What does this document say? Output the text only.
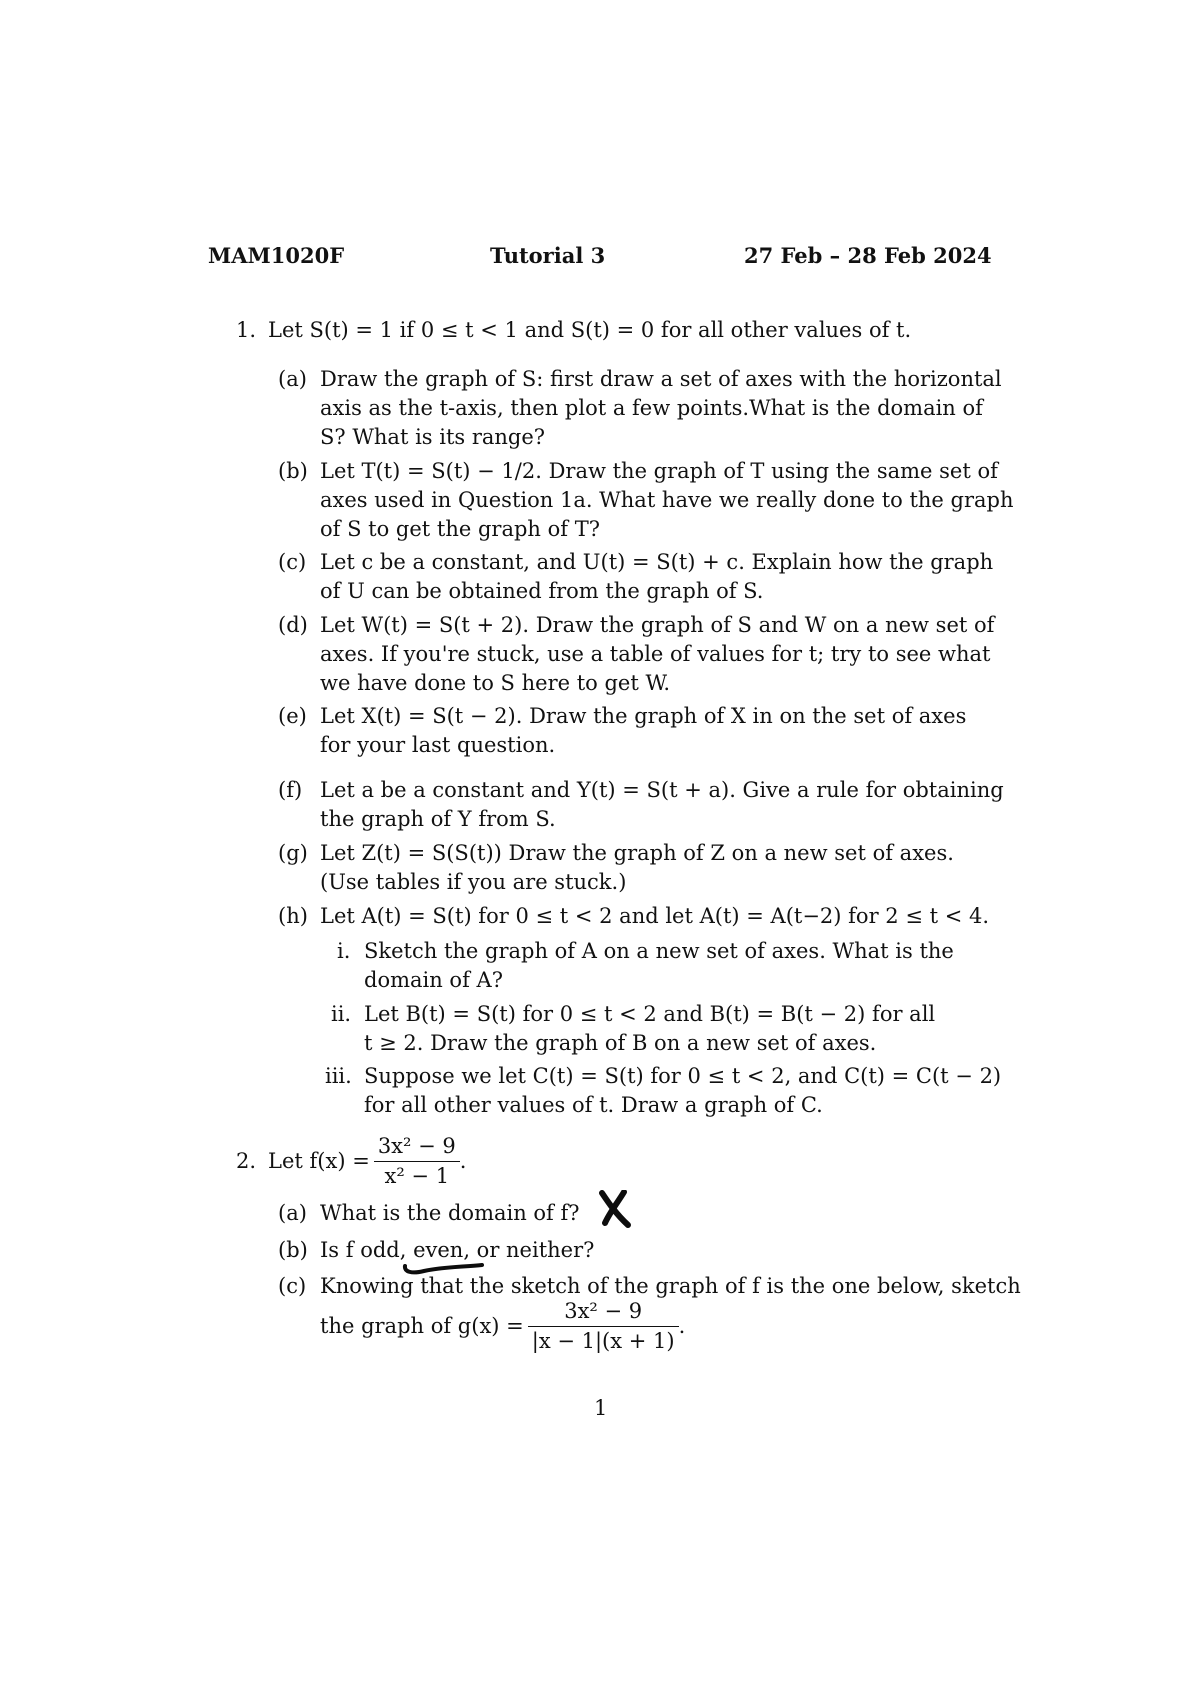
MAM1020F	Tutorial 3	27 Feb – 28 Feb 2024
1. Let S(t) = 1 if 0 ≤ t < 1 and S(t) = 0 for all other values of t.
(a) Draw the graph of S: first draw a set of axes with the horizontal
axis as the t-axis, then plot a few points.What is the domain of
S? What is its range?
(b) Let T(t) = S(t) − 1/2. Draw the graph of T using the same set of
axes used in Question 1a. What have we really done to the graph
of S to get the graph of T?
(c) Let c be a constant, and U(t) = S(t) + c. Explain how the graph
of U can be obtained from the graph of S.
(d) Let W(t) = S(t + 2). Draw the graph of S and W on a new set of
axes. If you're stuck, use a table of values for t; try to see what
we have done to S here to get W.
(e) Let X(t) = S(t − 2). Draw the graph of X in on the set of axes
for your last question.
(f) Let a be a constant and Y(t) = S(t + a). Give a rule for obtaining
the graph of Y from S.
(g) Let Z(t) = S(S(t)) Draw the graph of Z on a new set of axes.
(Use tables if you are stuck.)
(h) Let A(t) = S(t) for 0 ≤ t < 2 and let A(t) = A(t−2) for 2 ≤ t < 4.
i. Sketch the graph of A on a new set of axes. What is the
domain of A?
ii. Let B(t) = S(t) for 0 ≤ t < 2 and B(t) = B(t − 2) for all
t ≥ 2. Draw the graph of B on a new set of axes.
iii. Suppose we let C(t) = S(t) for 0 ≤ t < 2, and C(t) = C(t − 2)
for all other values of t. Draw a graph of C.
2. Let $f(x) = \frac{\text{3x² − 9}}{\text{x² − 1}}$ .
(a) What is the domain of f?
(b) Is f odd, even, or neither?
(c) Knowing that the sketch of the graph of f is the one below, sketch
the graph of $g(x) = \frac{\text{3x² − 9}}{|x - 1|(x + 1)}$ .
1
